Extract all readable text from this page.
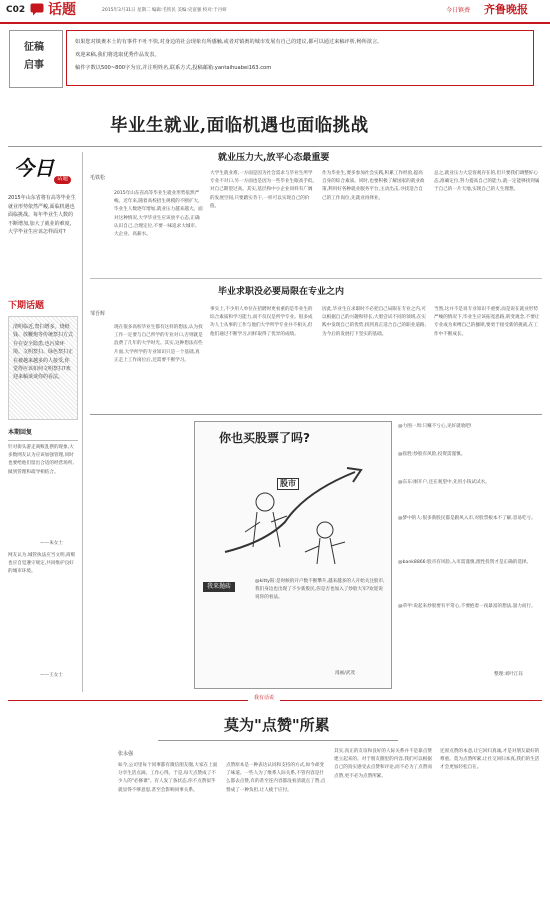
C02 话题	2015年3月31日 星期二 编辑:毛铁民 美编:史富强 校对:于丹妍	今日镇赉 齐鲁晚报
征稿
启事
如果您对镇赉本土的有事件不吐不快,对身边的社会现象有所感触,或者对镇赉的城市发展有自己的建议,都可以通过来稿评析,畅所欲言,
欢迎来稿,我们将选取优秀作品发表。
稿件字数以500~800字为宜,并注明姓名,联系方式,投稿邮箱:yantaihuabei163.com
毕业生就业,面临机遇也面临挑战
今日 话题
2015年山东省将有高等毕业生就业形势依然严峻,面临机遇也面临挑战。每年毕业生人数的不断增加,加大了就业的难度,大学毕业生应该怎样面对?
下期话题
清明临近,祭扫增多。烧纸钱、放鞭炮等传统祭扫方式存在安全隐患,也污染环境。文明祭扫、绿色祭扫正在被越来越多的人接受,你觉得应该如何文明祭扫?欢迎来稿谈谈你的看法。
本期回复
针对街头游走商贩乱摆的现象,大多数网友认为应该加强管理,同时也要给他们留出合适的经营场所,做到管理和疏导相结合。
——朱女士
网友认为,城管执法应当文明,商贩也应自觉遵守规定,共同维护良好的城市环境。
——王女士
就业压力大,放平心态最重要
毛铁松
2015年山东省高等毕业生就业形势依然严峻。近年来,随着高校招生规模的不断扩大,毕业生人数逐年增加,就业压力越来越大。面对这种情况,大学毕业生应该放平心态,正确认识自己,合理定位,不要一味追求大城市、大企业、高薪水。
大学生就业难,一方面是因为社会需求与毕业生所学专业不对口,另一方面也是因为一些毕业生眼高手低,对自己期望过高。其实,基层和中小企业同样有广阔的发展空间,只要踏实肯干,一样可以实现自己的价值。
作为毕业生,要多参加社会实践,积累工作经验,提高自身的综合素质。同时,也要积极了解国家的就业政策,利用好各种就业服务平台,主动出击,寻找适合自己的工作岗位,先就业再择业。
总之,就业压力大是客观存在的,但只要我们调整好心态,准确定位,努力提高自己的能力,就一定能够找到属于自己的一片天地,实现自己的人生理想。
毕业求职没必要局限在专业之内
邹吾辉
现在很多高校毕业生都有这样的想法,认为找工作一定要与自己所学的专业对口,否则就是浪费了几年的大学时光。其实,这种想法有些片面,大学所学的专业知识只是一个基础,真正走上工作岗位后,还需要不断学习。
事实上,不少用人单位在招聘时更看重的是毕业生的综合素质和学习能力,而不仅仅是所学专业。很多成功人士从事的工作与他们大学所学专业并不相关,但他们通过不断学习,同样取得了优异的成绩。
因此,毕业生在求职时不必把自己局限在专业之内,可以根据自己的兴趣和特长,大胆尝试不同的领域,在实践中发现自己的优势,找到真正适合自己的职业道路,为今后的发展打下坚实的基础。
当然,这并不是说专业知识不重要,而是说在就业形势严峻的情况下,毕业生应该拓宽思路,转变观念,不要让专业成为束缚自己的枷锁,要勇于接受新的挑战,在工作中不断成长。
你也买股票了吗?
股市
我来抛砖
@kitty阳:是时候的开户数不断攀升,越来越多的人开始关注股市,我们身边也出现了不少新股民,你是否也加入了炒股大军?欢迎说说你的看法。
漫画/武茂
@力图一周:只赚不亏心,见好就收吧!
@崔胜:炒股有风险,投资需谨慎。
@东东:刚开户,还在观望中,先用小钱试试水。
@梦中的人:很多新股民都是跟风入市,对股票根本不了解,容易吃亏。
@bank8866:股市有风险,入市需谨慎,理性投资才是正确的选择。
@草甲:说起来炒股要有平常心,不要抱着一夜暴富的想法,量力而行。
整理:刘叶江钰
我有话说
莫为"点赞"所累
张永强
如今,公司里每个同事都有微信朋友圈,大家在上面分享生活点滴、工作心得。于是,每天点赞成了不少人的"必修课"。有人发了条状态,你不点赞似乎就显得不够意思,甚至会影响同事关系。
点赞原本是一种表达认同和支持的方式,如今却变了味道。一些人为了维系人际关系,不管内容是什么都去点赞,有的甚至连内容都没看清就点了赞,点赞成了一种负担,让人疲于应付。
其实,真正的友谊和良好的人际关系并不是靠点赞建立起来的。对于朋友圈里的内容,我们可以根据自己的真实感受去点赞和评论,而不必为了点赞而点赞,更不必为点赞所累。
还原点赞的本意,让它回归真诚,才是对朋友最好的尊重。莫为点赞所累,让社交回归本真,我们的生活才会更加轻松自在。
